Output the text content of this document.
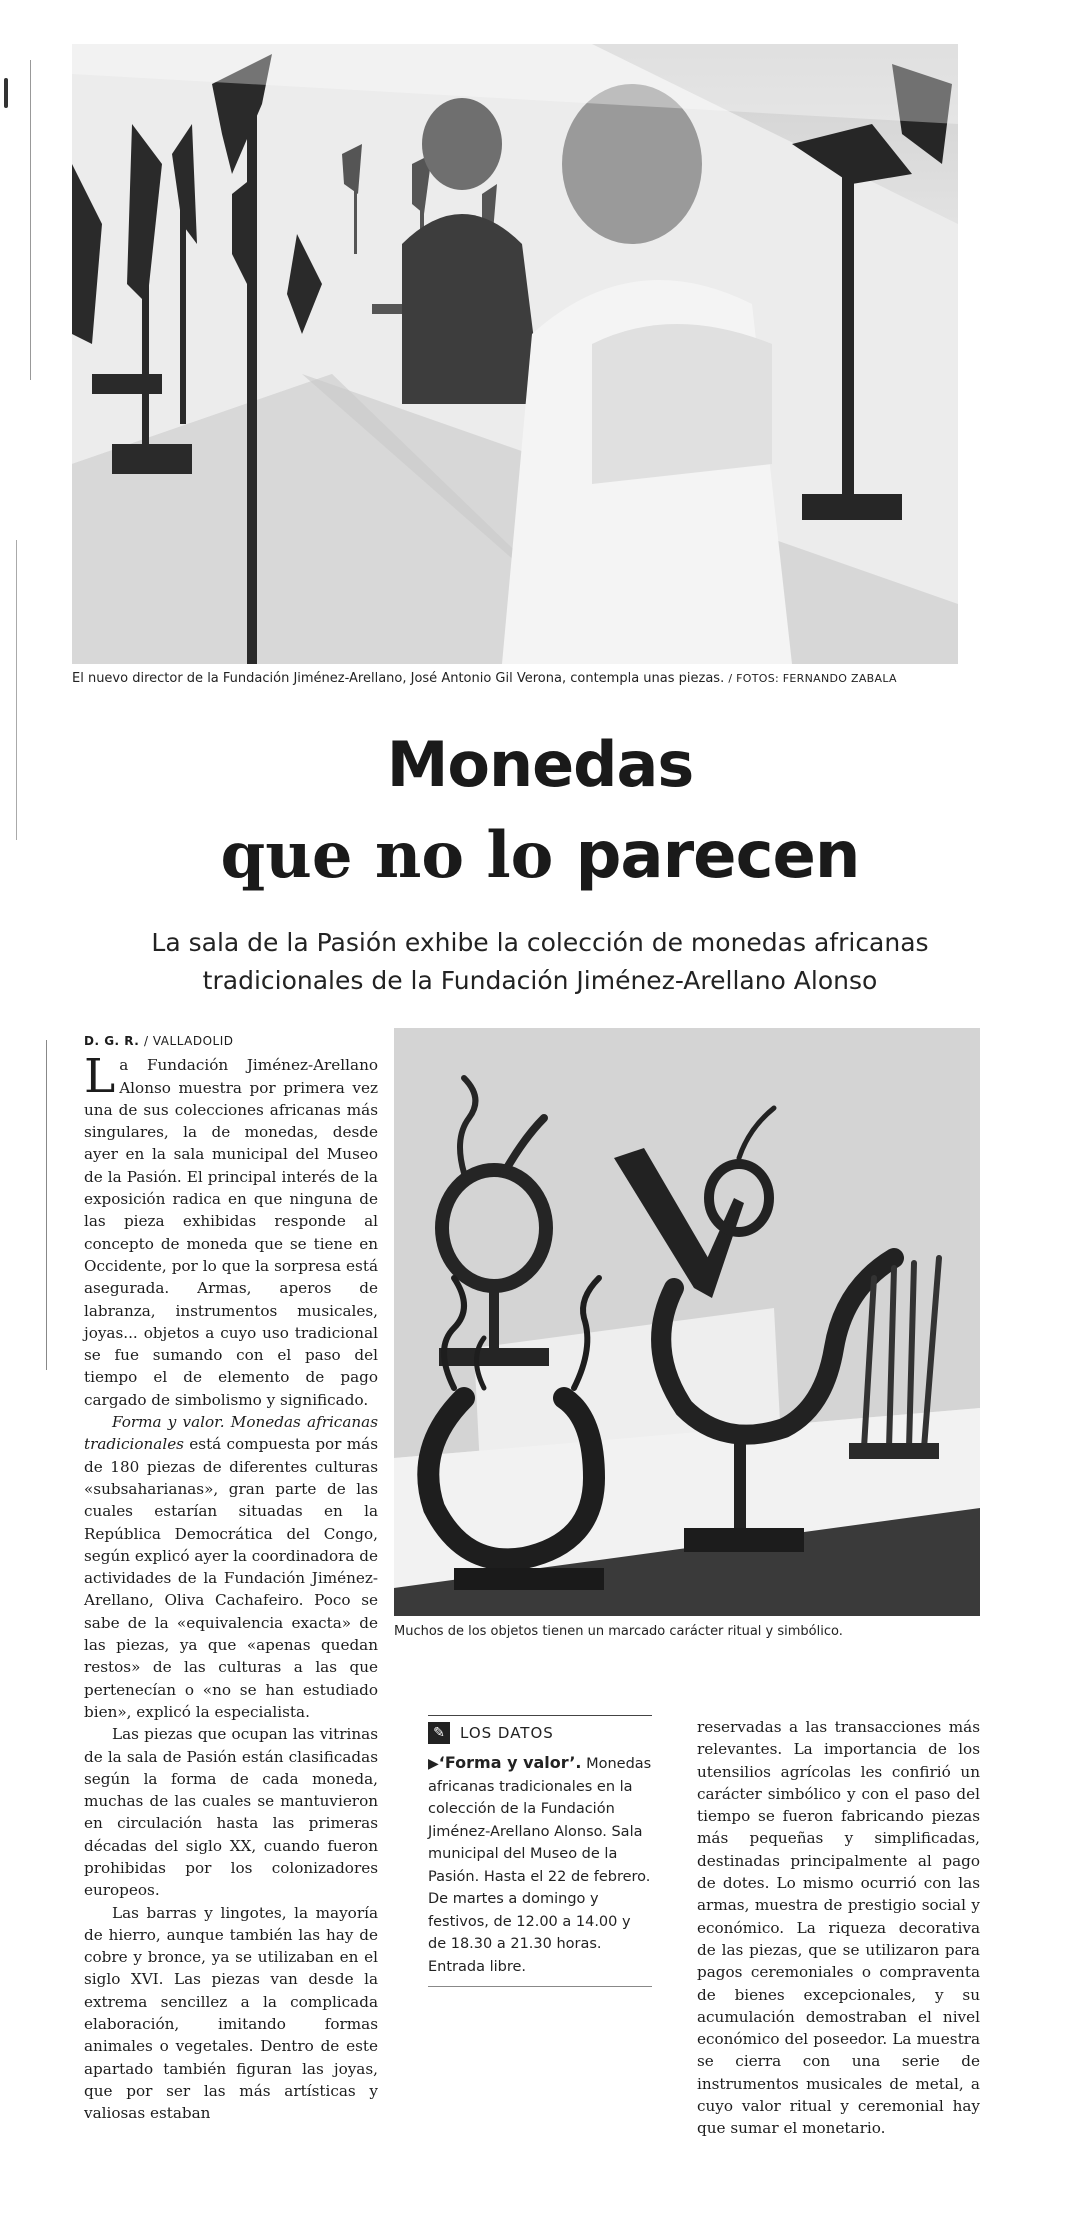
El nuevo director de la Fundación Jiménez-Arellano, José Antonio Gil Verona, contempla unas piezas. / FOTOS: FERNANDO ZABALA
Monedas
que no lo parecen
La sala de la Pasión exhibe la colección de monedas africanas
tradicionales de la Fundación Jiménez-Arellano Alonso
D. G. R. / VALLADOLID

La Fundación Jiménez-Arellano Alonso muestra por primera vez una de sus colecciones africanas más singulares, la de monedas, desde ayer en la sala municipal del Museo de la Pasión. El principal interés de la exposición radica en que ninguna de las pieza exhibidas responde al concepto de moneda que se tiene en Occidente, por lo que la sorpresa está asegurada. Armas, aperos de labranza, instrumentos musicales, joyas... objetos a cuyo uso tradicional se fue sumando con el paso del tiempo el de elemento de pago cargado de simbolismo y significado.

Forma y valor. Monedas africanas tradicionales está compuesta por más de 180 piezas de diferentes culturas «subsaharianas», gran parte de las cuales estarían situadas en la República Democrática del Congo, según explicó ayer la coordinadora de actividades de la Fundación Jiménez-Arellano, Oliva Cachafeiro. Poco se sabe de la «equivalencia exacta» de las piezas, ya que «apenas quedan restos» de las culturas a las que pertenecían o «no se han estudiado bien», explicó la especialista.

Las piezas que ocupan las vitrinas de la sala de Pasión están clasificadas según la forma de cada moneda, muchas de las cuales se mantuvieron en circulación hasta las primeras décadas del siglo XX, cuando fueron prohibidas por los colonizadores europeos.

Las barras y lingotes, la mayoría de hierro, aunque también las hay de cobre y bronce, ya se utilizaban en el siglo XVI. Las piezas van desde la extrema sencillez a la complicada elaboración, imitando formas animales o vegetales. Dentro de este apartado también figuran las joyas, que por ser las más artísticas y valiosas estaban

Muchos de los objetos tienen un marcado carácter ritual y simbólico.
✎	LOS DATOS
▶‘Forma y valor’. Monedas africanas tradicionales en la colección de la Fundación Jiménez-Arellano Alonso. Sala municipal del Museo de la Pasión. Hasta el 22 de febrero. De martes a domingo y festivos, de 12.00 a 14.00 y de 18.30 a 21.30 horas. Entrada libre.

reservadas a las transacciones más relevantes. La importancia de los utensilios agrícolas les confirió un carácter simbólico y con el paso del tiempo se fueron fabricando piezas más pequeñas y simplificadas, destinadas principalmente al pago de dotes. Lo mismo ocurrió con las armas, muestra de prestigio social y económico. La riqueza decorativa de las piezas, que se utilizaron para pagos ceremoniales o compraventa de bienes excepcionales, y su acumulación demostraban el nivel económico del poseedor. La muestra se cierra con una serie de instrumentos musicales de metal, a cuyo valor ritual y ceremonial hay que sumar el monetario.
